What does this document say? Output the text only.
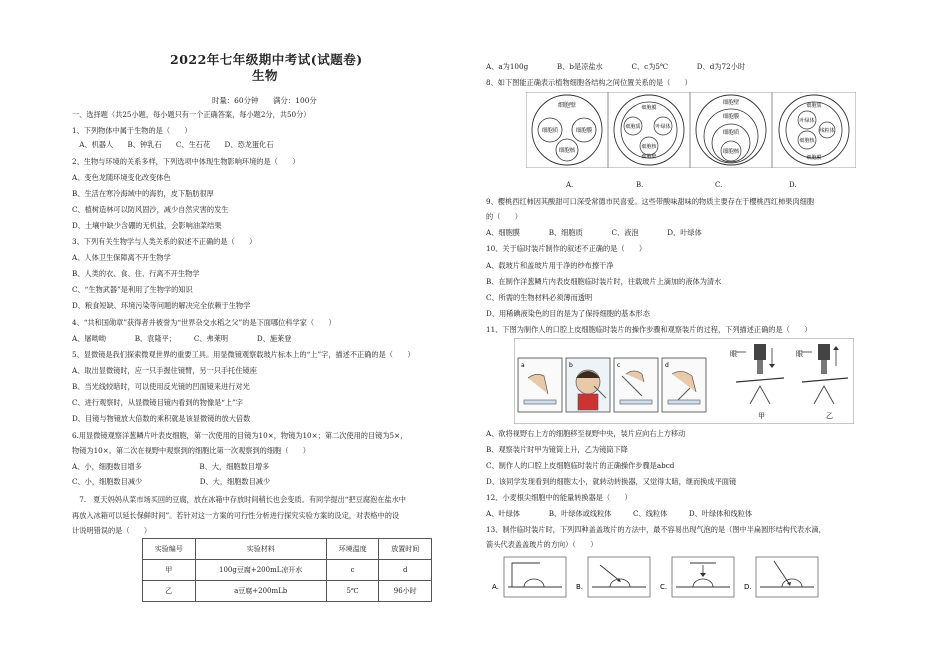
2022年七年级期中考试(试题卷)
生物
时量：60分钟　　满分：100分
一、选择题（共25小题，每小题只有一个正确答案，每小题2分，共50分）
1、下列物体中属于生物的是（　　）
　A、机器人　　B、钟乳石　　C、生石花　　D、恐龙蛋化石
2、生物与环境的关系多样，下列选项中体现生物影响环境的是（　　）
A、变色龙随环境变化改变体色
B、生活在寒冷海域中的海豹，皮下脂肪很厚
C、植树造林可以防风固沙，减少自然灾害的发生
D、土壤中缺少含硼的无机盐，会影响油菜结果
3、下列有关生物学与人类关系的叙述不正确的是（　　）
A、人体卫生保障离不开生物学
B、人类的衣、食、住、行离不开生物学
C、“生物武器”是利用了生物学的知识
D、粮食短缺、环境污染等问题的解决完全依赖于生物学
4、“共和国勋章”获得者并被誉为“世界杂交水稻之父”的是下面哪位科学家（　　）
A、屠呦呦　　　　B、袁隆平；　　　C、弗莱明　　　　D、施莱登
5、显微镜是我们探索微观世界的重要工具。用显微镜观察载玻片标本上的“上”字，描述不正确的是（　　）
A、取出显微镜时，应一只手握住镜臂，另一只手托住镜座
B、当光线较暗时，可以使用反光镜的凹面镜来进行对光
C、进行观察时，从显微镜目镜内看到的物像是“上”字
D、目镜与物镜放大倍数的乘积就是该显微镜的放大倍数
6.用显微镜观察洋葱鳞片叶表皮细胞，第一次使用的目镜为10×，物镜为10×；第二次使用的目镜为5×，
物镜为10×。第二次在视野中观察到的细胞比第一次观察到的细胞（　　）
A、小，细胞数目增多　　　　　　　　B、大，细胞数目增多
C、小，细胞数目减少　　　　　　　　D、大，细胞数目减少
　7.　夏天妈妈从菜市场买回的豆腐，放在冰箱中存放时间稍长也会变质。有同学提出“把豆腐泡在盐水中
再放入冰箱可以延长保鲜时间”。若针对这一方案的可行性分析进行探究实验方案的设定，对表格中的设
计说明错误的是（　　）
实验编号	实验材料	环境温度	放置时间
甲	100g豆腐+200mL凉开水	c	d
乙	a豆腐+200mLb	5℃	96小时
A、a为100g　　　　B、b是凉盐水　　　　C、c为5℃　　　　D、d为72小时
8、如下图能正确表示植物细胞各结构之间位置关系的是（　　）
细胞壁
细胞质	细胞膜
细胞核
细胞质
细胞膜
叶绿体
细胞核
细胞壁
细胞壁
细胞膜
细胞质
细胞核
细胞质
叶绿体
细胞核
线粒体
细胞膜
A.	B.	C.	D.
9、樱桃西红柿因其酸甜可口深受常德市民喜爱。这些带酸味甜味的物质主要存在于樱桃西红柿果肉细胞
的（　　）
A、细胞膜　　　　B、细胞质　　　　C、液泡　　　　D、叶绿体
10、关于临时装片制作的叙述不正确的是（　　）
A、载玻片和盖玻片用于净的纱布擦干净
B、在制作洋葱鳞片内表皮细胞临时装片时，往载玻片上滴加的液体为清水
C、所需的生物材料必须薄而透明
D、用稀碘液染色的目的是为了保持细胞的基本形态
11、下图为制作人的口腔上皮细胞临时装片的操作步骤和观察装片的过程，下列描述正确的是（　　）
a	b	c	d
眼
甲
眼
乙
A、欲将视野右上方的细胞移至视野中央，装片应向右上方移动
B、观察装片时甲为镜筒上升，乙为镜筒下降
C、制作人的口腔上皮细胞临时装片的正确操作步骤是abcd
D、该同学发现看到的细胞太小，就转动转换器，又觉得太暗，继而换成平面镜
12、小麦根尖细胞中的能量转换器是（　　）
A、叶绿体　　　　B、叶绿体或线粒体　　　C、线粒体　　　D、叶绿体和线粒体
13、制作临时装片时，下列四种盖盖玻片的方法中，最不容易出现气泡的是（图中半扁圆形结构代表水滴，
箭头代表盖盖玻片的方向）（　　）
A.	B.	C.	D.
